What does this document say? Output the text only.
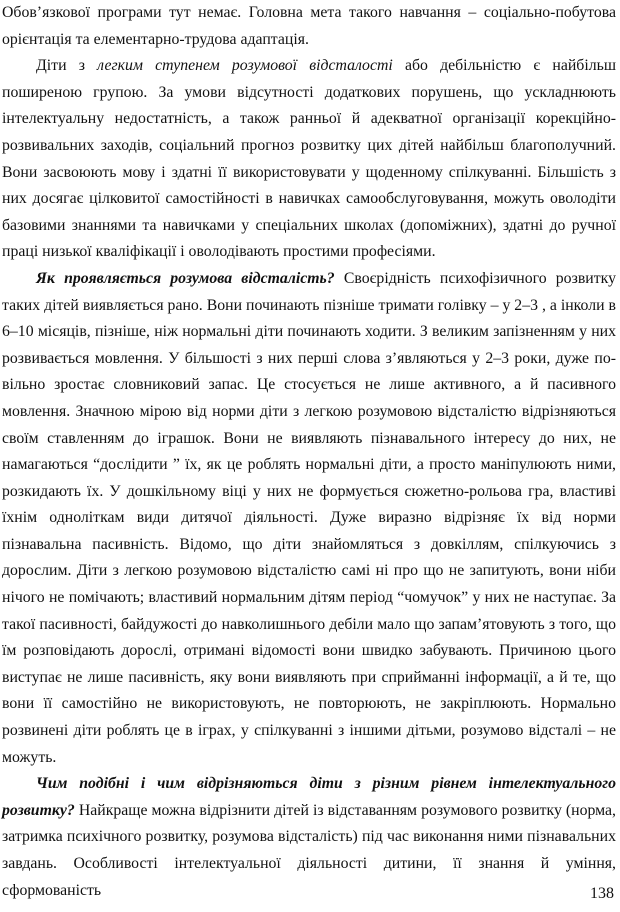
Обов’язкової програми тут немає. Головна мета такого навчання – соціально-побутова орієнтація та елементарно-трудова адаптація.

Діти з легким ступенем розумової відсталості або дебільністю є найбільш поширеною групою. За умови відсутності додаткових порушень, що ускладнюють інтелектуальну недостатність, а також ранньої й адекватної організації корекційно-розвивальних заходів, соціальний прогноз розвитку цих дітей найбільш благополучний. Вони засвоюють мову і здатні її використовувати у щоденному спілкуванні. Більшість з них досягає цілковитої самостійності в навичках самообслуговування, можуть оволодіти базовими знаннями та навичками у спеціальних школах (допоміжних), здатні до ручної праці низької кваліфікації і оволодівають простими професіями.

Як проявляється розумова відсталість? Своєрідність психофізичного розвитку таких дітей виявляється рано. Вони починають пізніше тримати голівку – у 2–3 , а інколи в 6–10 місяців, пізніше, ніж нормальні діти починають ходити. З великим запізненням у них розвивається мовлення. У більшості з них перші слова з’являються у 2–3 роки, дуже по-вільно зростає словниковий запас. Це стосується не лише активного, а й пасивного мовлення. Значною мірою від норми діти з легкою розумовою відсталістю відрізняються своїм ставленням до іграшок. Вони не виявляють пізнавального інтересу до них, не намагаються “дослідити ” їх, як це роблять нормальні діти, а просто маніпулюють ними, розкидають їх. У дошкільному віці у них не формується сюжетно-рольова гра, властиві їхнім одноліткам види дитячої діяльності. Дуже виразно відрізняє їх від норми пізнавальна пасивність. Відомо, що діти знайомляться з довкіллям, спілкуючись з дорослим. Діти з легкою розумовою відсталістю самі ні про що не запитують, вони ніби нічого не помічають; властивий нормальним дітям період “чомучок” у них не наступає. За такої пасивності, байдужості до навколишнього дебіли мало що запам’ятовують з того, що їм розповідають дорослі, отримані відомості вони швидко забувають. Причиною цього виступає не лише пасивність, яку вони виявляють при сприйманні інформації, а й те, що вони її самостійно не використовують, не повторюють, не закріплюють. Нормально розвинені діти роблять це в іграх, у спілкуванні з іншими дітьми, розумово відсталі – не можуть.

Чим подібні і чим відрізняються діти з різним рівнем інтелектуального розвитку? Найкраще можна відрізнити дітей із відставанням розумового розвитку (норма, затримка психічного розвитку, розумова відсталість) під час виконання ними пізнавальних завдань. Особливості інтелектуальної діяльності дитини, її знання й уміння, сформованість	138
